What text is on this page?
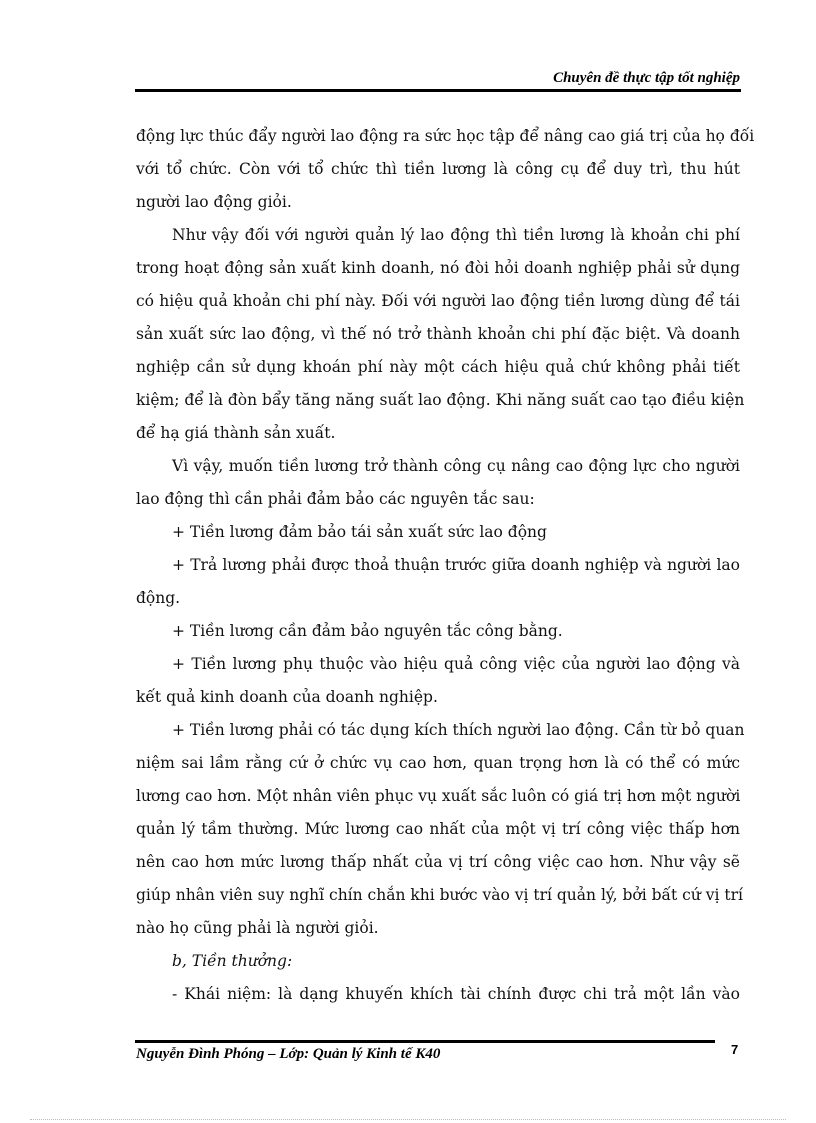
Chuyên đề thực tập tốt nghiệp
động lực thúc đẩy người lao động ra sức học tập để nâng cao giá trị của họ đối
với tổ chức. Còn với tổ chức thì tiền lương là công cụ để duy trì, thu hút
người lao động giỏi.
Như vậy đối với người quản lý lao động thì tiền lương là khoản chi phí
trong hoạt động sản xuất kinh doanh, nó đòi hỏi doanh nghiệp phải sử dụng
có hiệu quả khoản chi phí này. Đối với người lao động tiền lương dùng để tái
sản xuất sức lao động, vì thế nó trở thành khoản chi phí đặc biệt. Và doanh
nghiệp cần sử dụng khoán phí này một cách hiệu quả chứ không phải tiết
kiệm; để là đòn bẩy tăng năng suất lao động. Khi năng suất cao tạo điều kiện
để hạ giá thành sản xuất.
Vì vậy, muốn tiền lương trở thành công cụ nâng cao động lực cho người
lao động thì cần phải đảm bảo các nguyên tắc sau:
+ Tiền lương đảm bảo tái sản xuất sức lao động
+ Trả lương phải được thoả thuận trước giữa doanh nghiệp và người lao
động.
+ Tiền lương cần đảm bảo nguyên tắc công bằng.
+ Tiền lương phụ thuộc vào hiệu quả công việc của người lao động và
kết quả kinh doanh của doanh nghiệp.
+ Tiền lương phải có tác dụng kích thích người lao động. Cần từ bỏ quan
niệm sai lầm rằng cứ ở chức vụ cao hơn, quan trọng hơn là có thể có mức
lương cao hơn. Một nhân viên phục vụ xuất sắc luôn có giá trị hơn một người
quản lý tầm thường. Mức lương cao nhất của một vị trí công việc thấp hơn
nên cao hơn mức lương thấp nhất của vị trí công việc cao hơn. Như vậy sẽ
giúp nhân viên suy nghĩ chín chắn khi bước vào vị trí quản lý, bởi bất cứ vị trí
nào họ cũng phải là người giỏi.
b, Tiền thưởng:
- Khái niệm: là dạng khuyến khích tài chính được chi trả một lần vào
Nguyễn Đình Phóng – Lớp: Quản lý Kinh tế K40	7
